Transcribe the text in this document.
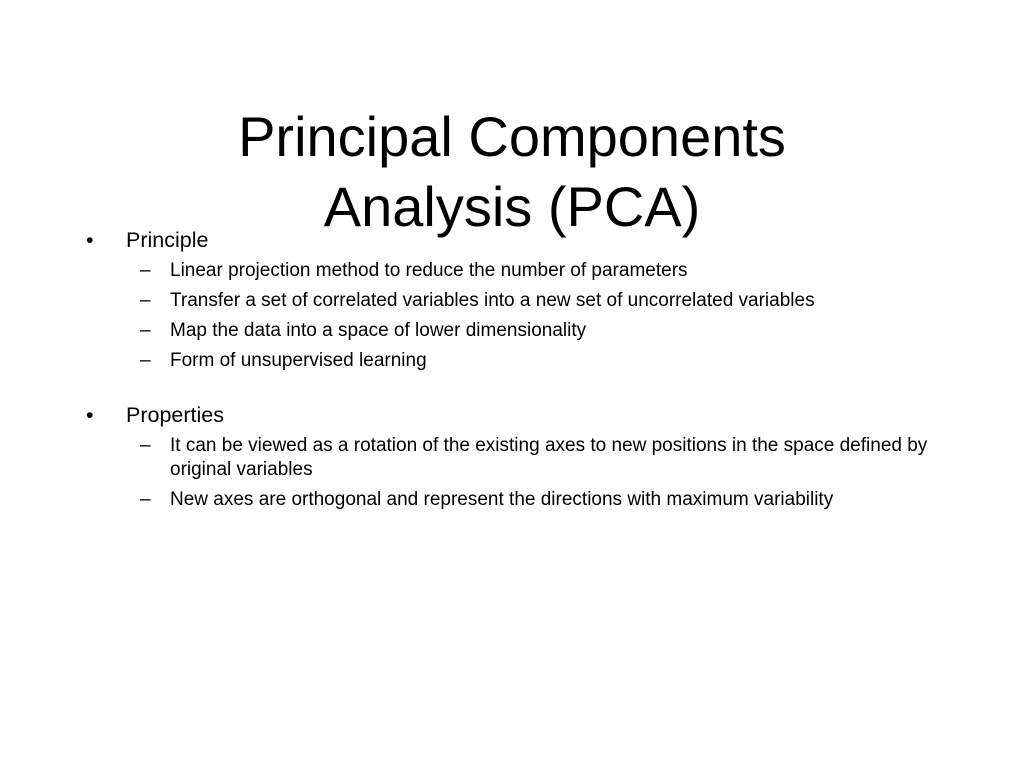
Principal Components
Analysis (PCA)

•	Principle

– Linear projection method to reduce the number of parameters
– Transfer a set of correlated variables into a new set of uncorrelated variables
– Map the data into a space of lower dimensionality
– Form of unsupervised learning

•	Properties

– It can be viewed as a rotation of the existing axes to new positions in the space defined by original variables
– New axes are orthogonal and represent the directions with maximum variability
